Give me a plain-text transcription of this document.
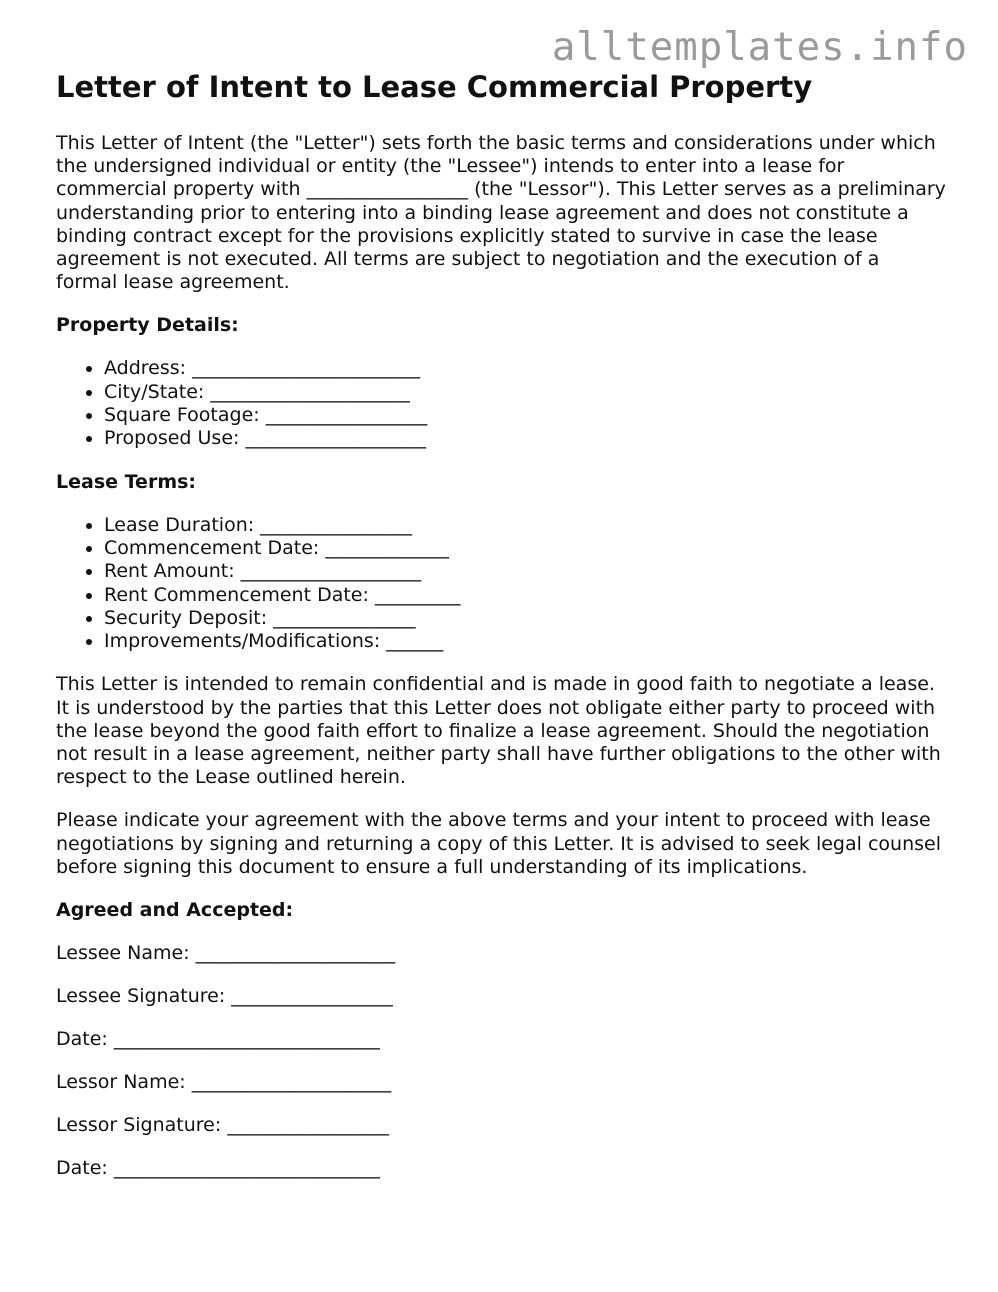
alltemplates.info
Letter of Intent to Lease Commercial Property

This Letter of Intent (the "Letter") sets forth the basic terms and considerations under which the undersigned individual or entity (the "Lessee") intends to enter into a lease for commercial property with _________________ (the "Lessor"). This Letter serves as a preliminary understanding prior to entering into a binding lease agreement and does not constitute a binding contract except for the provisions explicitly stated to survive in case the lease agreement is not executed. All terms are subject to negotiation and the execution of a formal lease agreement.

Property Details:
• Address: ________________________
• City/State: _____________________
• Square Footage: _________________
• Proposed Use: ___________________
Lease Terms:
• Lease Duration: ________________
• Commencement Date: _____________
• Rent Amount: ___________________
• Rent Commencement Date: _________
• Security Deposit: _______________
• Improvements/Modifications: ______

This Letter is intended to remain confidential and is made in good faith to negotiate a lease. It is understood by the parties that this Letter does not obligate either party to proceed with the lease beyond the good faith effort to finalize a lease agreement. Should the negotiation not result in a lease agreement, neither party shall have further obligations to the other with respect to the Lease outlined herein.

Please indicate your agreement with the above terms and your intent to proceed with lease negotiations by signing and returning a copy of this Letter. It is advised to seek legal counsel before signing this document to ensure a full understanding of its implications.

Agreed and Accepted:
Lessee Name: _____________________
Lessee Signature: _________________
Date: ____________________________
Lessor Name: _____________________
Lessor Signature: _________________
Date: ____________________________
